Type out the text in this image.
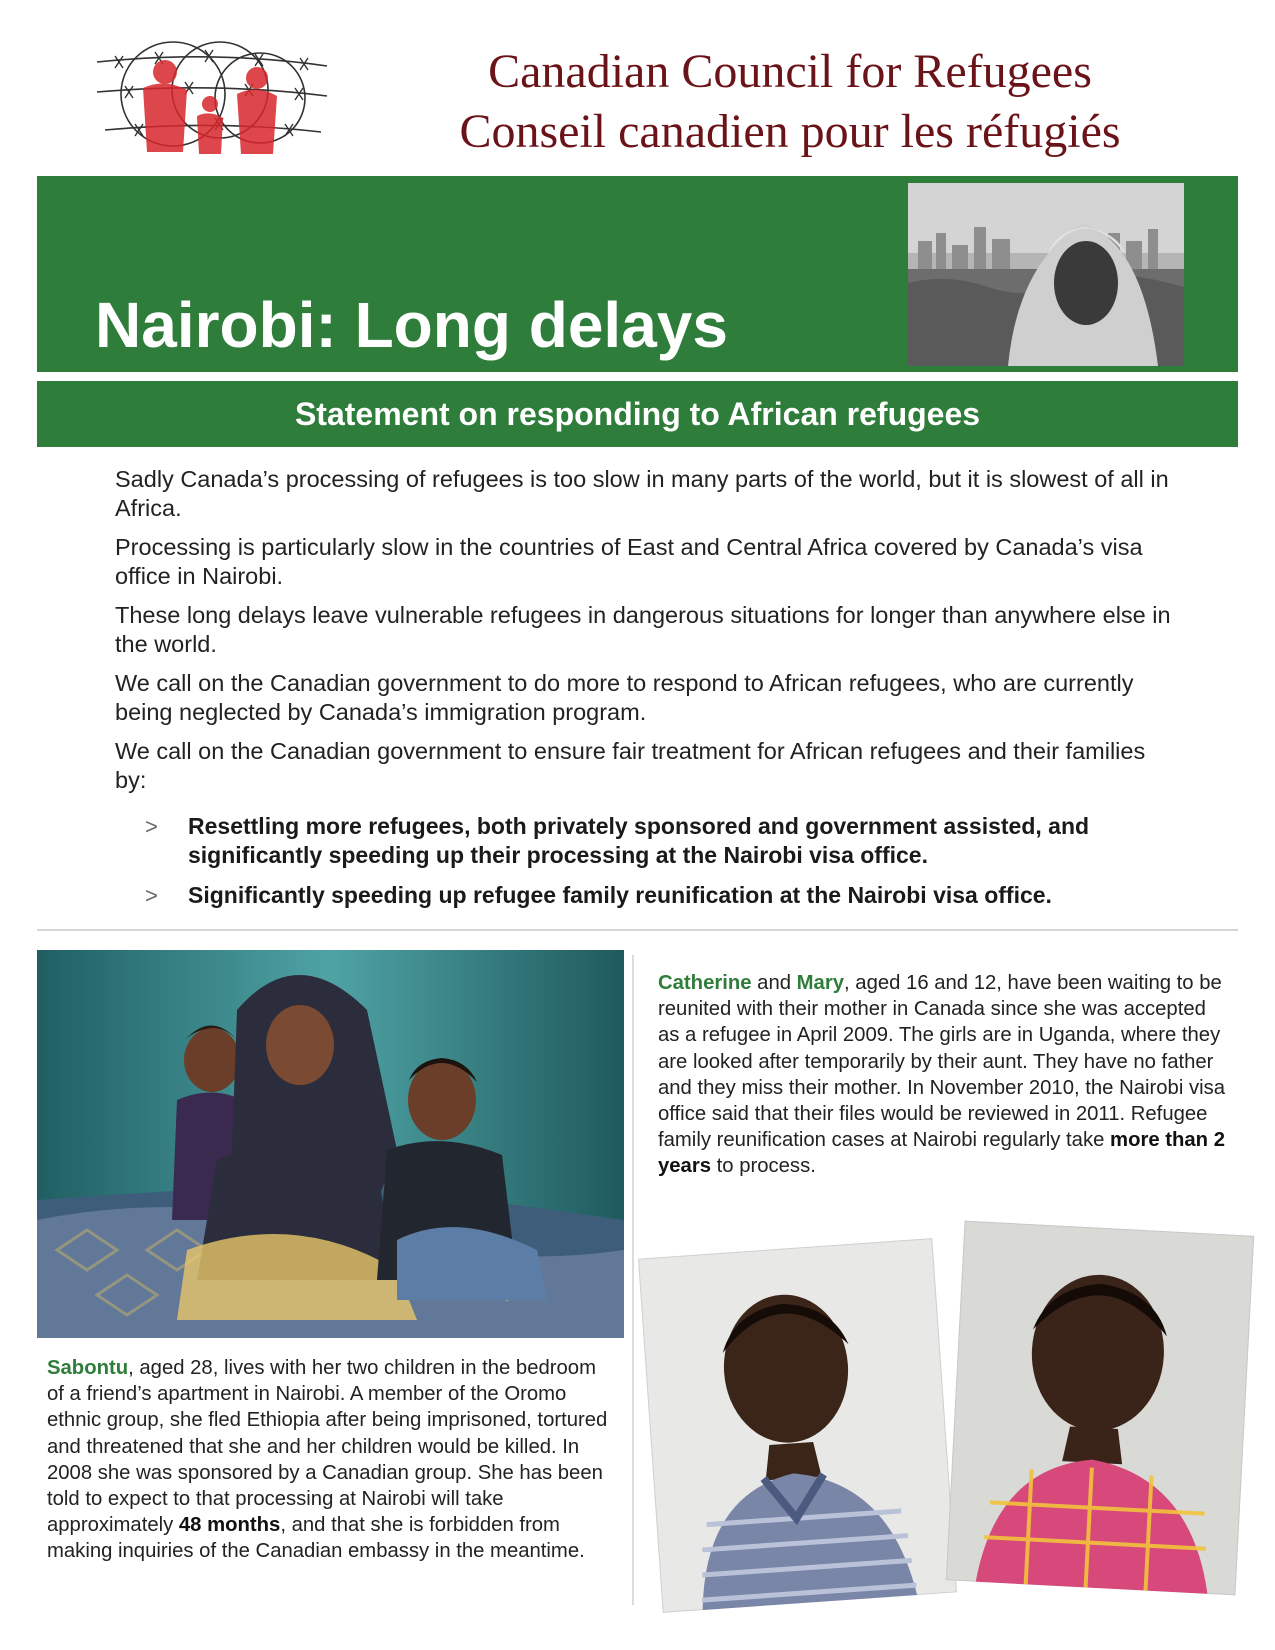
Canadian Council for Refugees
Conseil canadien pour les réfugiés
Nairobi: Long delays
Statement on responding to African refugees

Sadly Canada’s processing of refugees is too slow in many parts of the world, but it is slowest of all in Africa.

Processing is particularly slow in the countries of East and Central Africa covered by Canada’s visa office in Nairobi.

These long delays leave vulnerable refugees in dangerous situations for longer than anywhere else in the world.

We call on the Canadian government to do more to respond to African refugees, who are currently being neglected by Canada’s immigration program.

We call on the Canadian government to ensure fair treatment for African refugees and their families by:

>	Resettling more refugees, both privately sponsored and government assisted, and significantly speeding up their processing at the Nairobi visa office.
>	Significantly speeding up refugee family reunification at the Nairobi visa office.
Catherine and Mary, aged 16 and 12, have been waiting to be reunited with their mother in Canada since she was accepted as a refugee in April 2009. The girls are in Uganda, where they are looked after temporarily by their aunt. They have no father and they miss their mother. In November 2010, the Nairobi visa office said that their files would be reviewed in 2011. Refugee family reunification cases at Nairobi regularly take more than 2 years to process.
Sabontu, aged 28, lives with her two children in the bedroom of a friend’s apartment in Nairobi. A member of the Oromo ethnic group, she fled Ethiopia after being imprisoned, tortured and threatened that she and her children would be killed. In 2008 she was sponsored by a Canadian group. She has been told to expect to that processing at Nairobi will take approximately 48 months, and that she is forbidden from making inquiries of the Canadian embassy in the meantime.
